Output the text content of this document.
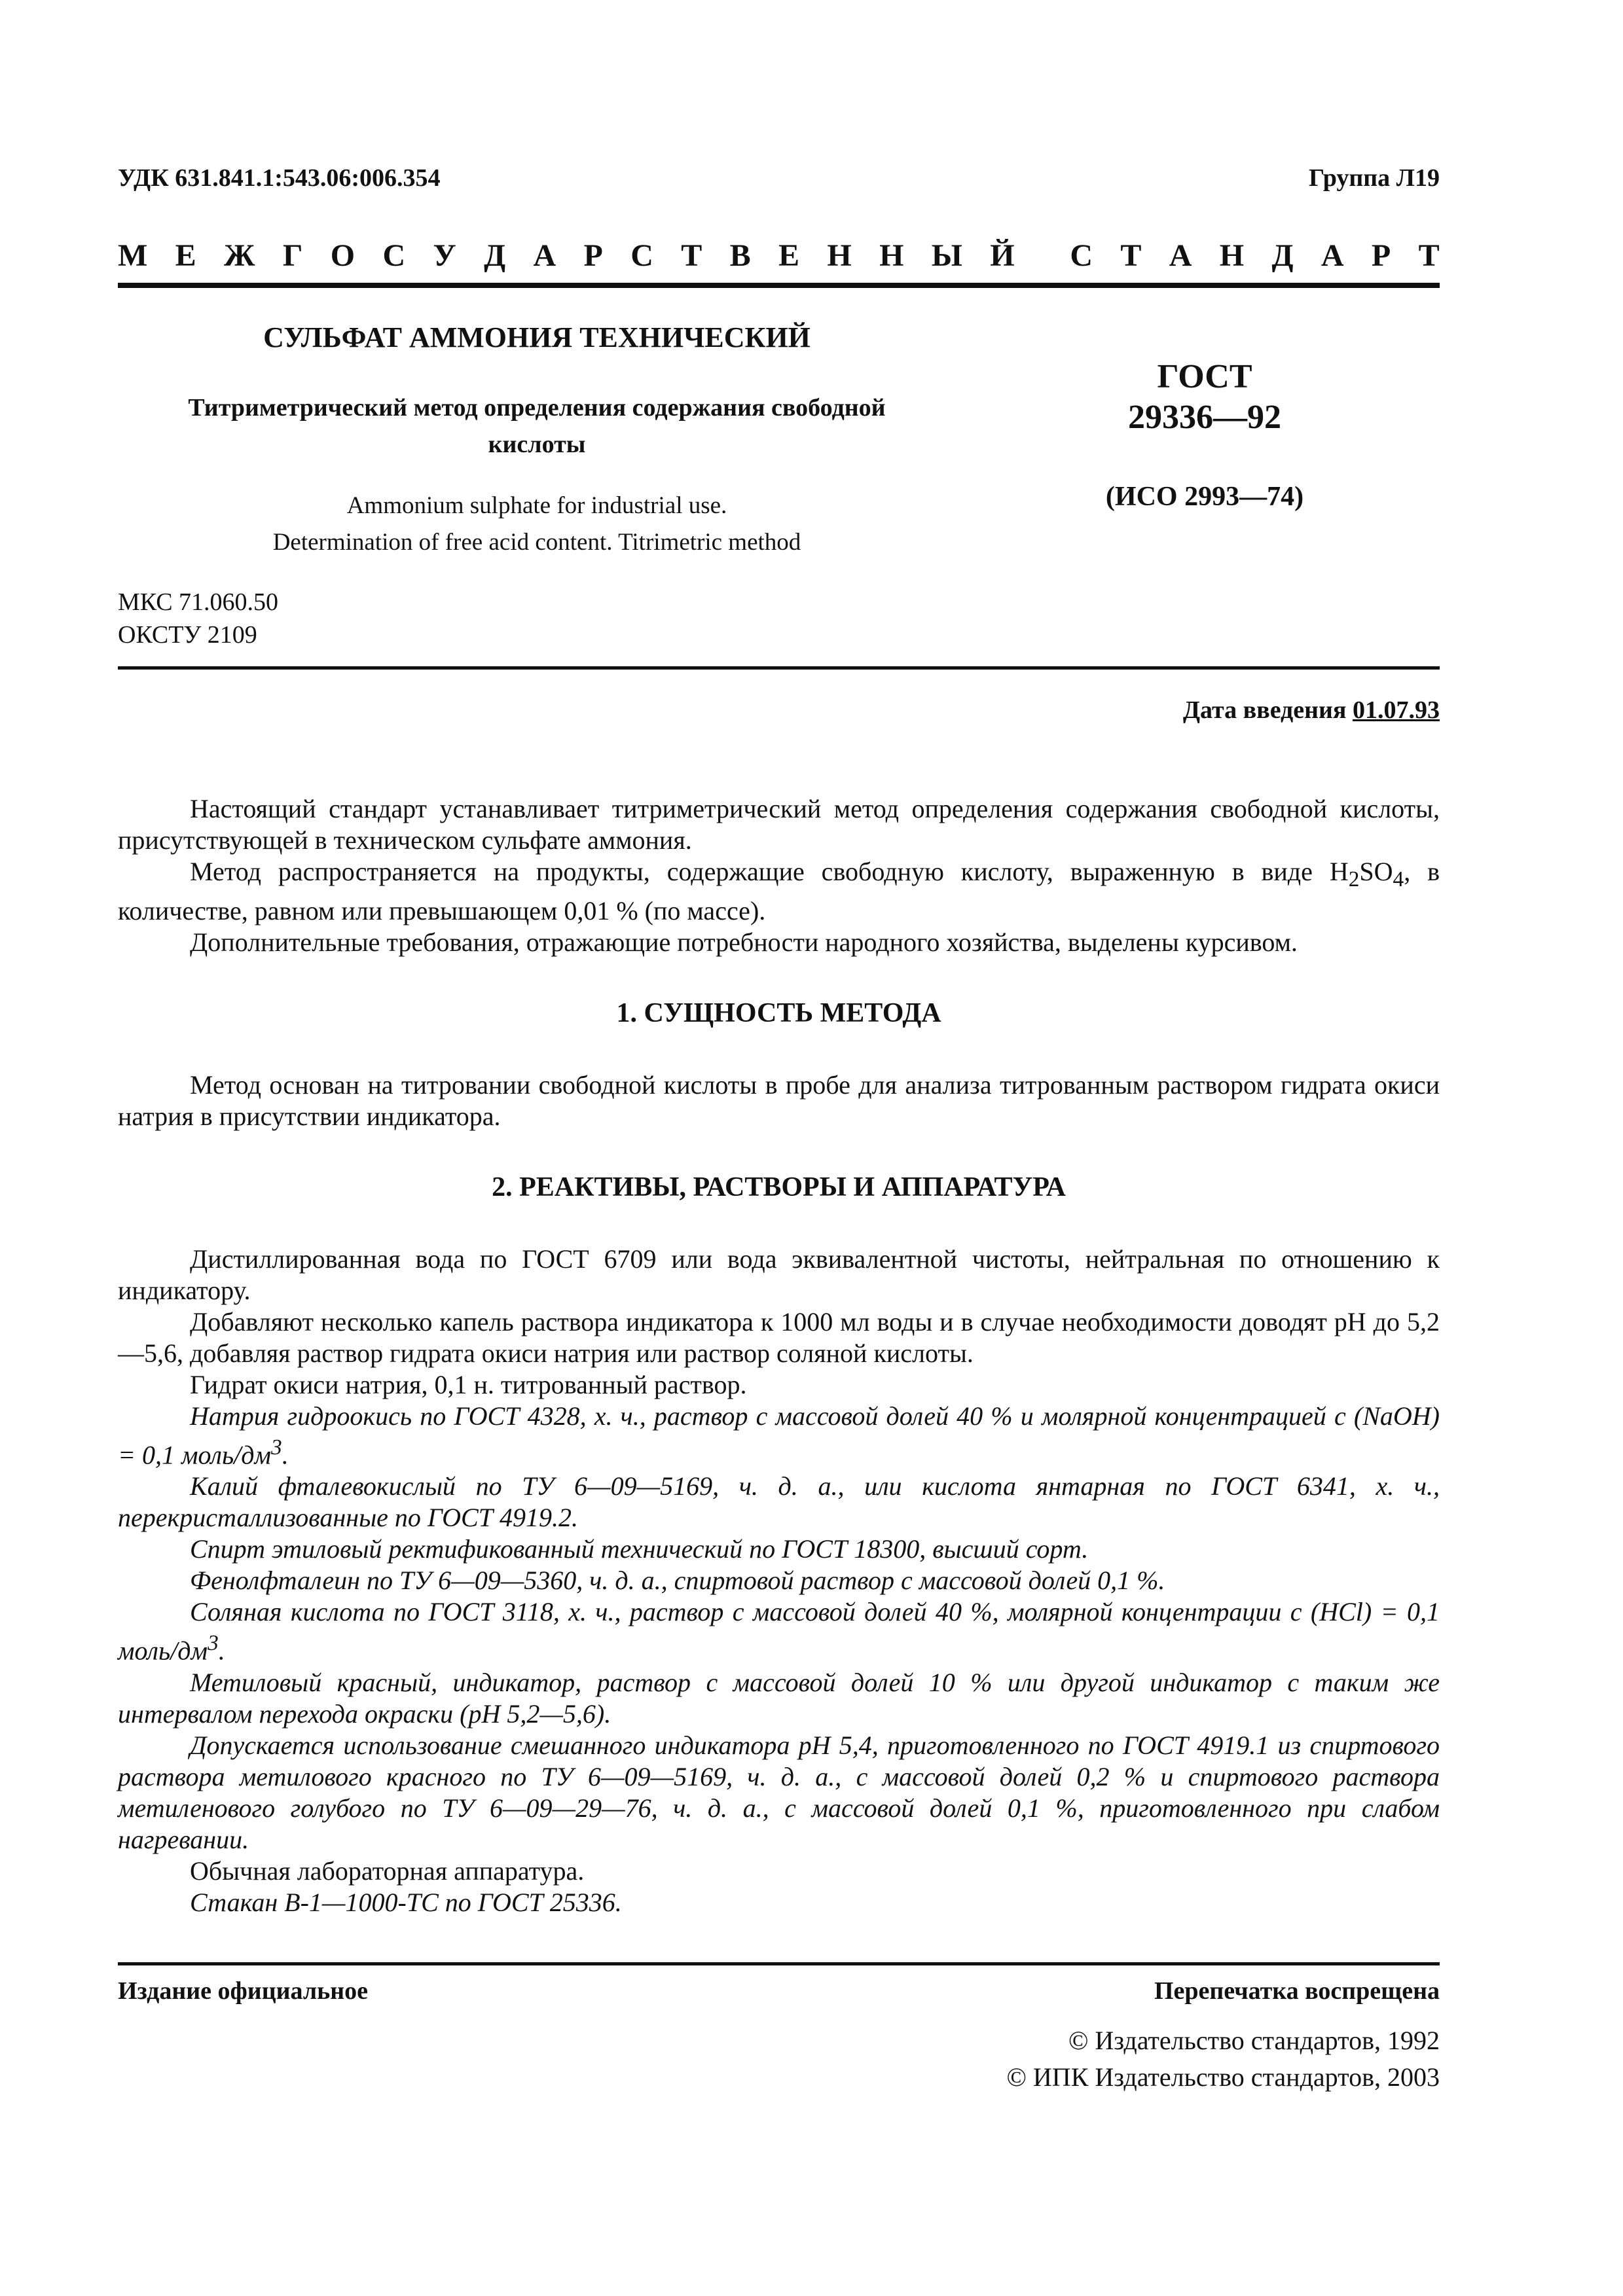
УДК 631.841.1:543.06:006.354	Группа Л19
М Е Ж Г О С У Д А Р С Т В Е Н Н Ы Й С Т А Н Д А Р Т
СУЛЬФАТ АММОНИЯ ТЕХНИЧЕСКИЙ
Титриметрический метод определения содержания свободной
кислоты
Ammonium sulphate for industrial use.
Determination of free acid content. Titrimetric method
ГОСТ
29336—92
(ИСО 2993—74)
МКС 71.060.50
ОКСТУ 2109
Дата введения 01.07.93

Настоящий стандарт устанавливает титриметрический метод определения содержания свободной кислоты, присутствующей в техническом сульфате аммония.

Метод распространяется на продукты, содержащие свободную кислоту, выраженную в виде $H_2SO_4$, в количестве, равном или превышающем 0,01 % (по массе).

Дополнительные требования, отражающие потребности народного хозяйства, выделены курсивом.

1. СУЩНОСТЬ МЕТОДА

Метод основан на титровании свободной кислоты в пробе для анализа титрованным раствором гидрата окиси натрия в присутствии индикатора.

2. РЕАКТИВЫ, РАСТВОРЫ И АППАРАТУРА

Дистиллированная вода по ГОСТ 6709 или вода эквивалентной чистоты, нейтральная по отношению к индикатору.

Добавляют несколько капель раствора индикатора к 1000 мл воды и в случае необходимости доводят рН до 5,2—5,6, добавляя раствор гидрата окиси натрия или раствор соляной кислоты.

Гидрат окиси натрия, 0,1 н. титрованный раствор.

Натрия гидроокись по ГОСТ 4328, х. ч., раствор с массовой долей 40 % и молярной концентрацией с (NaOH) = 0,1 моль/$дм^3$.

Калий фталевокислый по ТУ 6—09—5169, ч. д. а., или кислота янтарная по ГОСТ 6341, х. ч., перекристаллизованные по ГОСТ 4919.2.

Спирт этиловый ректификованный технический по ГОСТ 18300, высший сорт.

Фенолфталеин по ТУ 6—09—5360, ч. д. а., спиртовой раствор с массовой долей 0,1 %.

Соляная кислота по ГОСТ 3118, х. ч., раствор с массовой долей 40 %, молярной концентрации с (HCl) = 0,1 моль/$дм^3$.

Метиловый красный, индикатор, раствор с массовой долей 10 % или другой индикатор с таким же интервалом перехода окраски (рН 5,2—5,6).

Допускается использование смешанного индикатора рН 5,4, приготовленного по ГОСТ 4919.1 из спиртового раствора метилового красного по ТУ 6—09—5169, ч. д. а., с массовой долей 0,2 % и спиртового раствора метиленового голубого по ТУ 6—09—29—76, ч. д. а., с массовой долей 0,1 %, приготовленного при слабом нагревании.

Обычная лабораторная аппаратура.

Стакан В-1—1000-ТС по ГОСТ 25336.

Издание официальное	Перепечатка воспрещена
© Издательство стандартов, 1992
© ИПК Издательство стандартов, 2003
